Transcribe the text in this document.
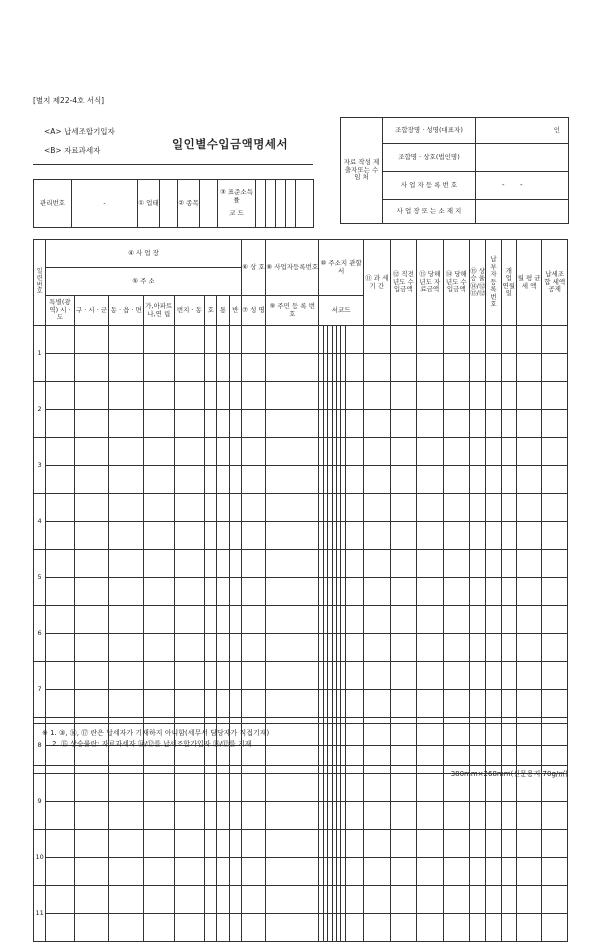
[별지 제22-4호 서식]
<A> 납세조합기입자
<B> 자료과세자	일인별수입금액명세서
자료 작성 제출자또는 수 임 처	조합장명 · 성명(대표자)	인
	조합명 · 상호(법인명)	
	사 업 자 등 록 번 호	- -

	사 업 장 또 는 소 재 지	
관리번호	-	① 업태		② 종목		
③ 표준소득률
코 드

일 련 번 호	④ 사 업 장								⑥ 상 호	⑧ 사업자등록번호	⑩ 주소지 관할서		⑪ 과 세 기 간	⑫ 직전년도 수입금액	⑬ 당해년도 자료금액	⑭ 당해년도 수입금액	⑮ 상 승 율 ⑭/⑫ ⑬/⑫	납 부 자 등 록 번 호	개 업 연월일	월 평 균 세 액	납세조합 세액공제
	⑤ 주 소																				
	특별(광역) 시 · 도	구 · 시 · 군	동 · 읍 · 면	가,아파트 나,연 립	번지 · 동	호	통	반	⑦ 성 명	⑨ 주민 등 록 번 호	서코드										
1											

2											

3											

4											

5											

6											

7											

8											

9											

10											

11											

※ 1. ③, ⑯, ⑰ 란은 납세자가 기재하지 아니함(세무서 담당자가 직접기재)
2. ⑮ 상승률란: 자료과세자 ⑭/⑫를 납세조합가입자 ⑬/⑫를 기재
380mm×268mm(신문용지 70g/㎡)
